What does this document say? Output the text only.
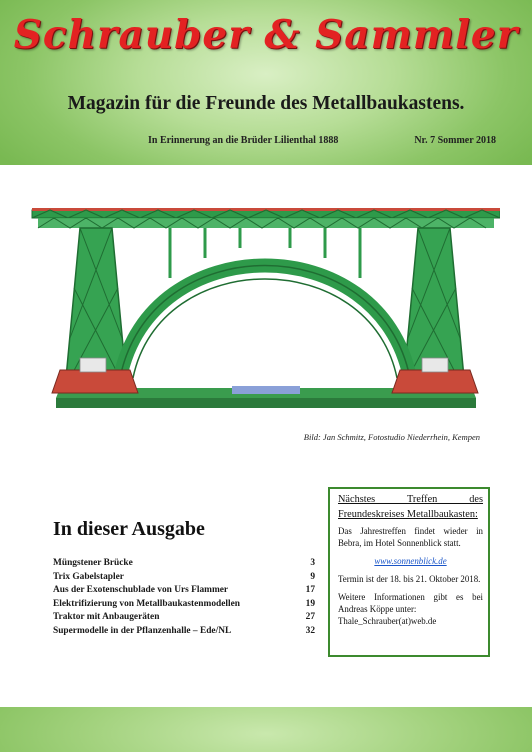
Schrauber & Sammler
Magazin für die Freunde des Metallbaukastens.
In Erinnerung an die Brüder Lilienthal 1888	Nr. 7 Sommer 2018
Bild: Jan Schmitz, Fotostudio Niederrhein, Kempen
In dieser Ausgabe
Müngstener Brücke	3
Trix Gabelstapler	9
Aus der Exotenschublade von Urs Flammer	17
Elektrifizierung von Metallbaukastenmodellen	19
Traktor mit Anbaugeräten	27
Supermodelle in der Pflanzenhalle – Ede/NL	32
Nächstes Treffen des Freundeskreises Metallbaukasten:

Das Jahrestreffen findet wieder in Bebra, im Hotel Sonnenblick statt.

www.sonnenblick.de

Termin ist der 18. bis 21. Oktober 2018.

Weitere Informationen gibt es bei Andreas Köppe unter:
Thale_Schrauber(at)web.de
